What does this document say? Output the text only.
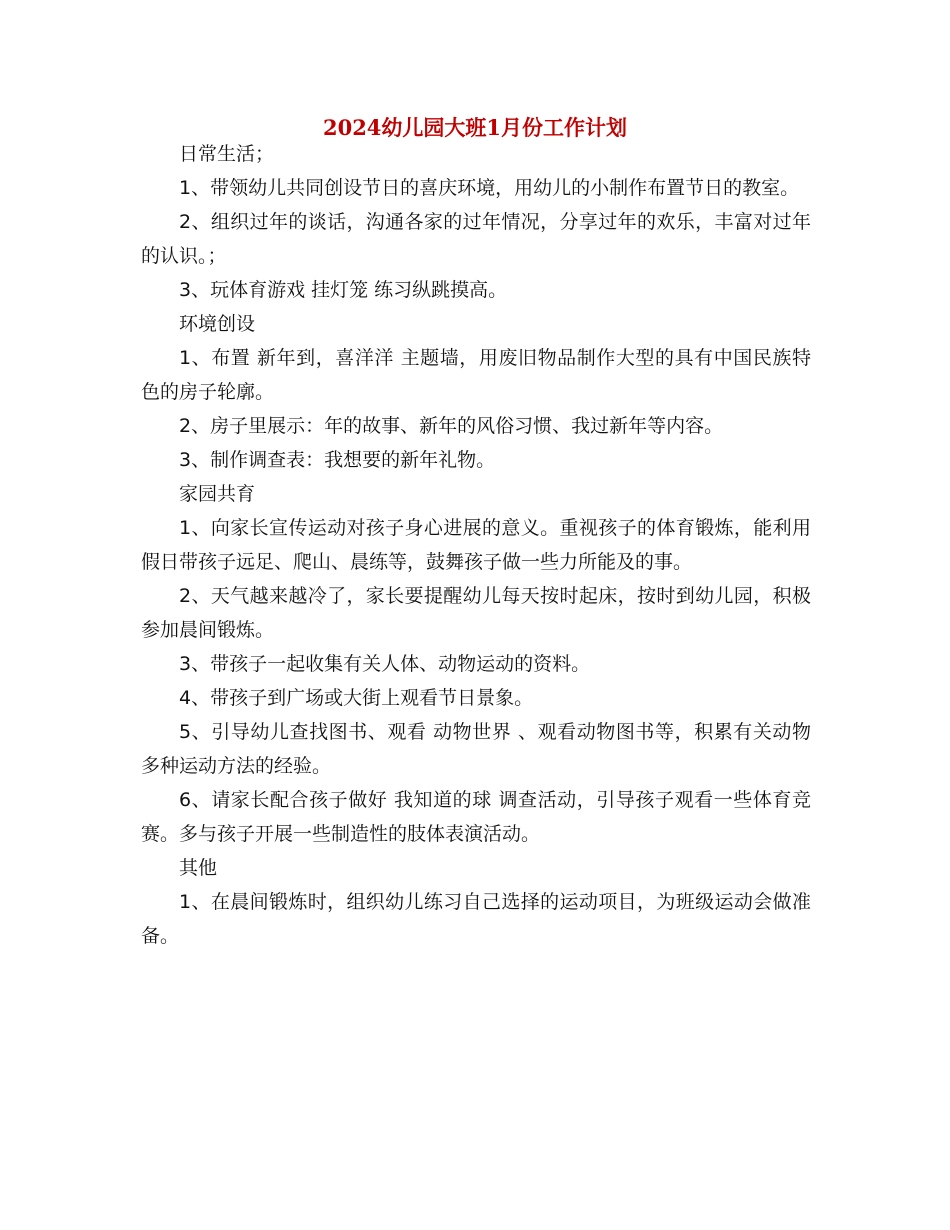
2024幼儿园大班1月份工作计划

日常生活；

1、带领幼儿共同创设节日的喜庆环境，用幼儿的小制作布置节日的教室。

2、组织过年的谈话，沟通各家的过年情况，分享过年的欢乐，丰富对过年的认识。；

3、玩体育游戏 挂灯笼 练习纵跳摸高。

环境创设

1、布置 新年到，喜洋洋 主题墙，用废旧物品制作大型的具有中国民族特色的房子轮廓。

2、房子里展示：年的故事、新年的风俗习惯、我过新年等内容。

3、制作调查表：我想要的新年礼物。

家园共育

1、向家长宣传运动对孩子身心进展的意义。重视孩子的体育锻炼，能利用假日带孩子远足、爬山、晨练等，鼓舞孩子做一些力所能及的事。

2、天气越来越冷了，家长要提醒幼儿每天按时起床，按时到幼儿园，积极参加晨间锻炼。

3、带孩子一起收集有关人体、动物运动的资料。

4、带孩子到广场或大街上观看节日景象。

5、引导幼儿查找图书、观看 动物世界 、观看动物图书等，积累有关动物多种运动方法的经验。

6、请家长配合孩子做好 我知道的球 调查活动，引导孩子观看一些体育竞赛。多与孩子开展一些制造性的肢体表演活动。

其他

1、在晨间锻炼时，组织幼儿练习自己选择的运动项目，为班级运动会做准备。
